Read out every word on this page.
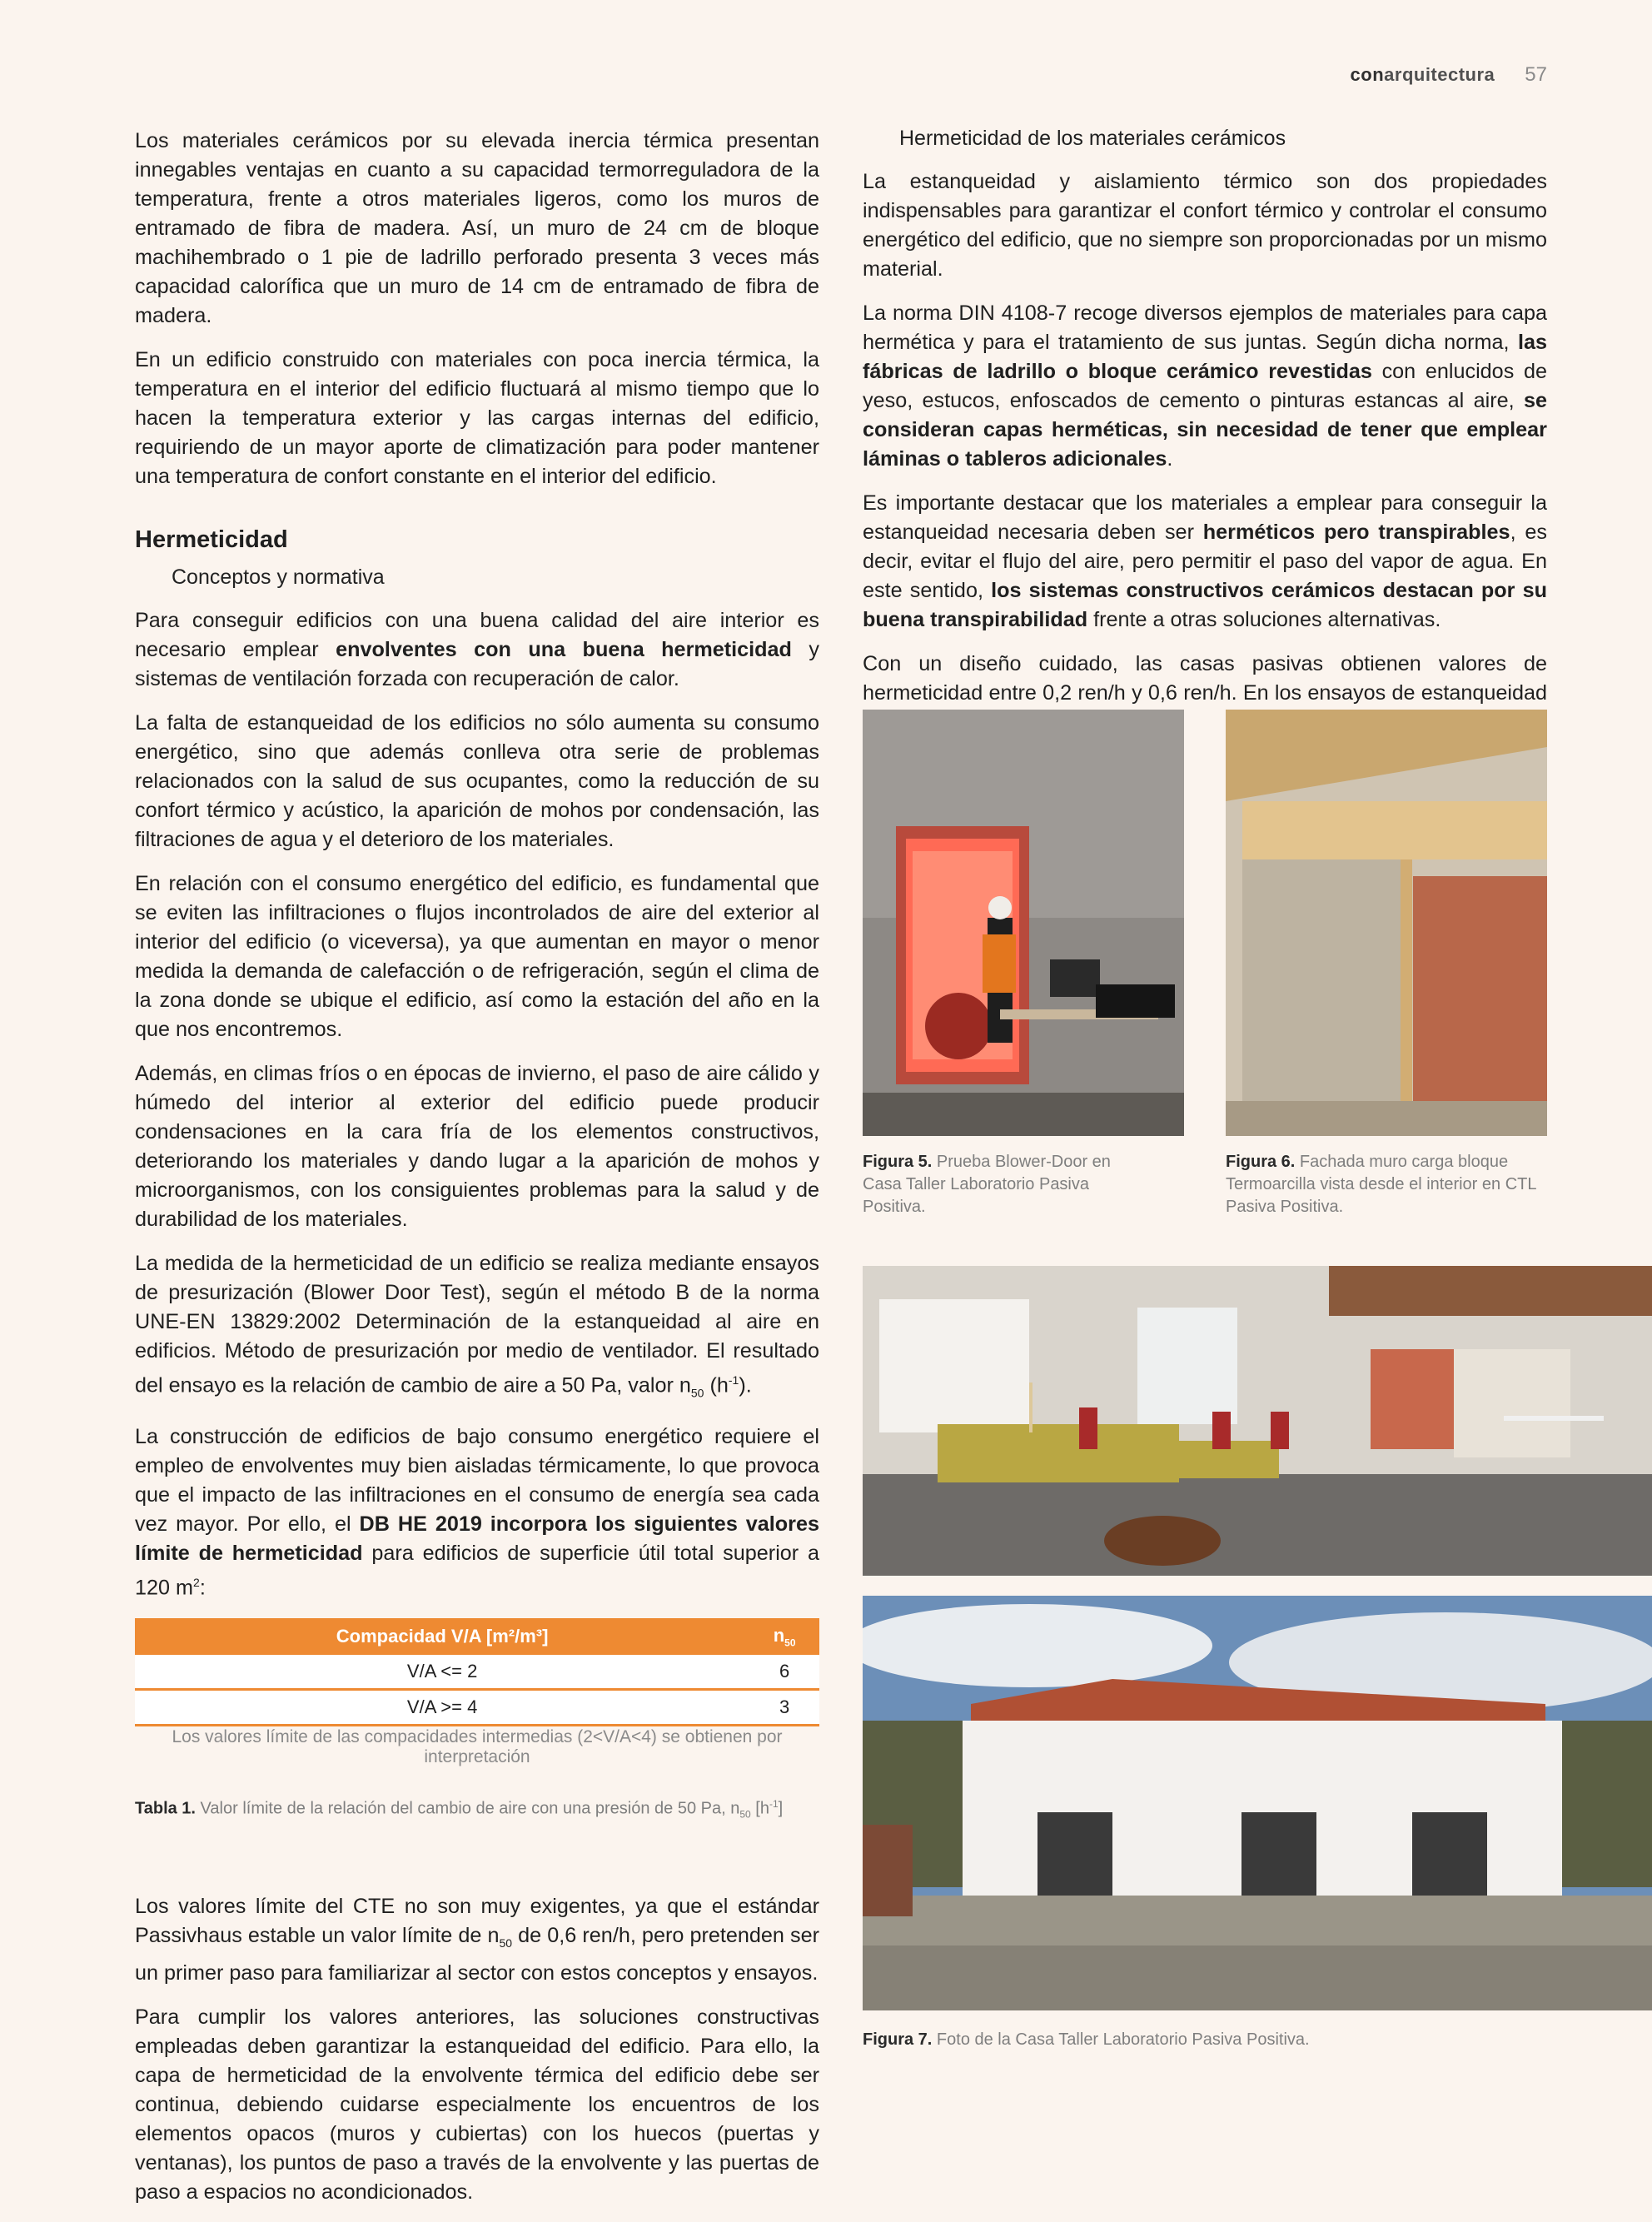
conarquitectura 57

Los materiales cerámicos por su elevada inercia térmica presentan innegables ventajas en cuanto a su capacidad termorreguladora de la temperatura, frente a otros materiales ligeros, como los muros de entramado de fibra de madera. Así, un muro de 24 cm de bloque machihembrado o 1 pie de ladrillo perforado presenta 3 veces más capacidad calorífica que un muro de 14 cm de entramado de fibra de madera.

En un edificio construido con materiales con poca inercia térmica, la temperatura en el interior del edificio fluctuará al mismo tiempo que lo hacen la temperatura exterior y las cargas internas del edificio, requiriendo de un mayor aporte de climatización para poder mantener una temperatura de confort constante en el interior del edificio.

Hermeticidad
Conceptos y normativa

Para conseguir edificios con una buena calidad del aire interior es necesario emplear envolventes con una buena hermeticidad y sistemas de ventilación forzada con recuperación de calor.

La falta de estanqueidad de los edificios no sólo aumenta su consumo energético, sino que además conlleva otra serie de problemas relacionados con la salud de sus ocupantes, como la reducción de su confort térmico y acústico, la aparición de mohos por condensación, las filtraciones de agua y el deterioro de los materiales.

En relación con el consumo energético del edificio, es fundamental que se eviten las infiltraciones o flujos incontrolados de aire del exterior al interior del edificio (o viceversa), ya que aumentan en mayor o menor medida la demanda de calefacción o de refrigeración, según el clima de la zona donde se ubique el edificio, así como la estación del año en la que nos encontremos.

Además, en climas fríos o en épocas de invierno, el paso de aire cálido y húmedo del interior al exterior del edificio puede producir condensaciones en la cara fría de los elementos constructivos, deteriorando los materiales y dando lugar a la aparición de mohos y microorganismos, con los consiguientes problemas para la salud y de durabilidad de los materiales.

La medida de la hermeticidad de un edificio se realiza mediante ensayos de presurización (Blower Door Test), según el método B de la norma UNE-EN 13829:2002 Determinación de la estanqueidad al aire en edificios. Método de presurización por medio de ventilador. El resultado del ensayo es la relación de cambio de aire a 50 Pa, valor $n_{50}$ $(h^{-1})$.

La construcción de edificios de bajo consumo energético requiere el empleo de envolventes muy bien aisladas térmicamente, lo que provoca que el impacto de las infiltraciones en el consumo de energía sea cada vez mayor. Por ello, el DB HE 2019 incorpora los siguientes valores límite de hermeticidad para edificios de superficie útil total superior a 120 $m^2$:

Compacidad V/A [m²/m³]	$n_{50}$
V/A <= 2	6
V/A >= 4	3
Los valores límite de las compacidades intermedias (2<V/A<4) se obtienen por interpretación	

Tabla 1. Valor límite de la relación del cambio de aire con una presión de 50 Pa, $n_{50}$ $[h^{-1}]$

Los valores límite del CTE no son muy exigentes, ya que el estándar Passivhaus estable un valor límite de $n_{50}$ de 0,6 ren/h, pero pretenden ser un primer paso para familiarizar al sector con estos conceptos y ensayos.

Para cumplir los valores anteriores, las soluciones constructivas empleadas deben garantizar la estanqueidad del edificio. Para ello, la capa de hermeticidad de la envolvente térmica del edificio debe ser continua, debiendo cuidarse especialmente los encuentros de los elementos opacos (muros y cubiertas) con los huecos (puertas y ventanas), los puntos de paso a través de la envolvente y las puertas de paso a espacios no acondicionados.

Hermeticidad de los materiales cerámicos

La estanqueidad y aislamiento térmico son dos propiedades indispensables para garantizar el confort térmico y controlar el consumo energético del edificio, que no siempre son proporcionadas por un mismo material.

La norma DIN 4108-7 recoge diversos ejemplos de materiales para capa hermética y para el tratamiento de sus juntas. Según dicha norma, las fábricas de ladrillo o bloque cerámico revestidas con enlucidos de yeso, estucos, enfoscados de cemento o pinturas estancas al aire, se consideran capas herméticas, sin necesidad de tener que emplear láminas o tableros adicionales.

Es importante destacar que los materiales a emplear para conseguir la estanqueidad necesaria deben ser herméticos pero transpirables, es decir, evitar el flujo del aire, pero permitir el paso del vapor de agua. En este sentido, los sistemas constructivos cerámicos destacan por su buena transpirabilidad frente a otras soluciones alternativas.

Con un diseño cuidado, las casas pasivas obtienen valores de hermeticidad entre 0,2 ren/h y 0,6 ren/h. En los ensayos de estanqueidad

Figura 5. Prueba Blower-Door en Casa Taller Laboratorio Pasiva Positiva.

Figura 6. Fachada muro carga bloque Termoarcilla vista desde el interior en CTL Pasiva Positiva.

Figura 7. Foto de la Casa Taller Laboratorio Pasiva Positiva.
